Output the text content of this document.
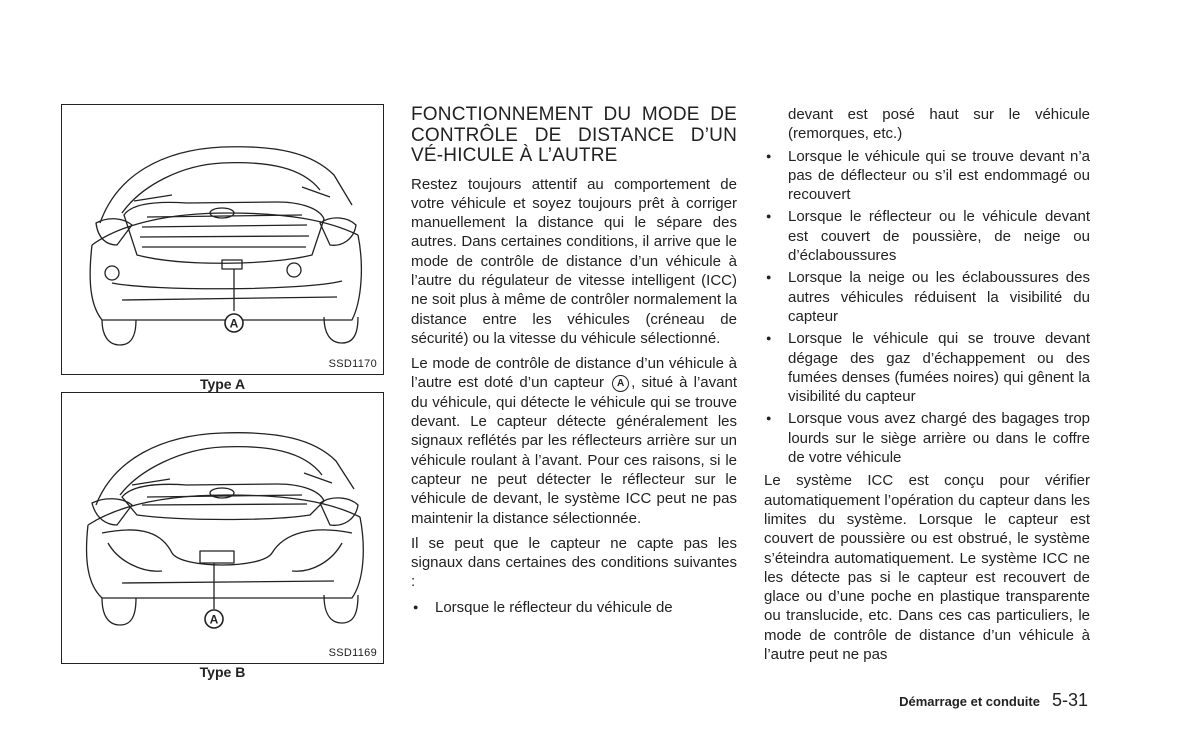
A
SSD1170
Type A
A
SSD1169
Type B
FONCTIONNEMENT DU MODE DE CONTRÔLE DE DISTANCE D’UN VÉ-HICULE À L’AUTRE

Restez toujours attentif au comportement de votre véhicule et soyez toujours prêt à corriger manuellement la distance qui le sépare des autres. Dans certaines conditions, il arrive que le mode de contrôle de distance d’un véhicule à l’autre du régulateur de vitesse intelligent (ICC) ne soit plus à même de contrôler normalement la distance entre les véhicules (créneau de sécurité) ou la vitesse du véhicule sélectionné.

Le mode de contrôle de distance d’un véhicule à l’autre est doté d’un capteur A , situé à l’avant du véhicule, qui détecte le véhicule qui se trouve devant. Le capteur détecte généralement les signaux reflétés par les réflecteurs arrière sur un véhicule roulant à l’avant. Pour ces raisons, si le capteur ne peut détecter le réflecteur sur le véhicule de devant, le système ICC peut ne pas maintenir la distance sélectionnée.

Il se peut que le capteur ne capte pas les signaux dans certaines des conditions suivantes :

● Lorsque le réflecteur du véhicule de
devant est posé haut sur le véhicule (remorques, etc.)
● Lorsque le véhicule qui se trouve devant n’a pas de déflecteur ou s’il est endommagé ou recouvert
● Lorsque le réflecteur ou le véhicule devant est couvert de poussière, de neige ou d’éclaboussures
● Lorsque la neige ou les éclaboussures des autres véhicules réduisent la visibilité du capteur
● Lorsque le véhicule qui se trouve devant dégage des gaz d’échappement ou des fumées denses (fumées noires) qui gênent la visibilité du capteur
● Lorsque vous avez chargé des bagages trop lourds sur le siège arrière ou dans le coffre de votre véhicule

Le système ICC est conçu pour vérifier automatiquement l’opération du capteur dans les limites du système. Lorsque le capteur est couvert de poussière ou est obstrué, le système s’éteindra automatiquement. Le système ICC ne les détecte pas si le capteur est recouvert de glace ou d’une poche en plastique transparente ou translucide, etc. Dans ces cas particuliers, le mode de contrôle de distance d’un véhicule à l’autre peut ne pas

Démarrage et conduite 5-31
